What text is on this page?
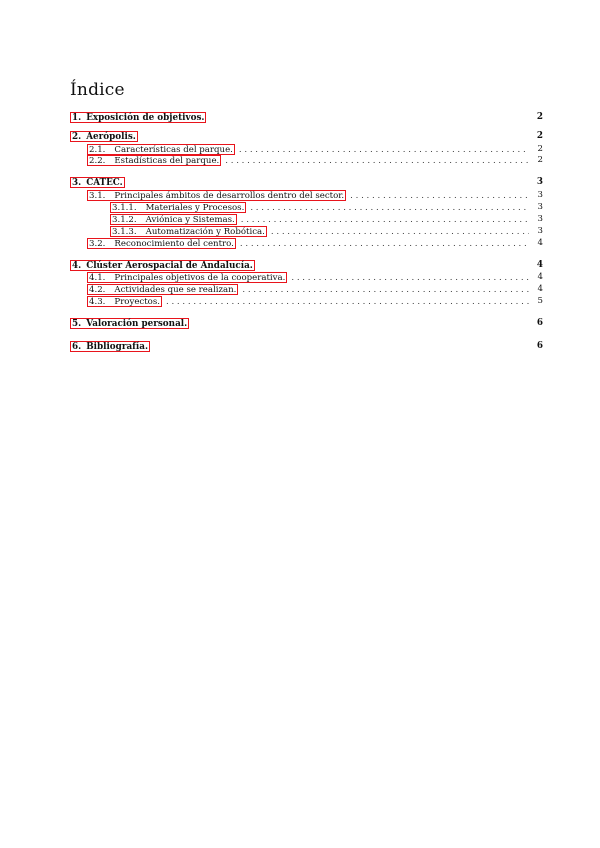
Índice
1. Exposición de objetivos.	2
2. Aerópolis.	2
2.1. Características del parque. . . .	2
2.2. Estadísticas del parque. . . .	2
3. CATEC.	3
3.1. Principales ámbitos de desarrollos dentro del sector. . . .	3
3.1.1. Materiales y Procesos. . . .	3
3.1.2. Aviónica y Sistemas. . . .	3
3.1.3. Automatización y Robótica. . . .	3
3.2. Reconocimiento del centro. . . .	4
4. Clúster Aerospacial de Andalucía.	4
4.1. Principales objetivos de la cooperativa. . . .	4
4.2. Actividades que se realizan. . . .	4
4.3. Proyectos. . . .	5
5. Valoración personal.	6
6. Bibliografía.	6
